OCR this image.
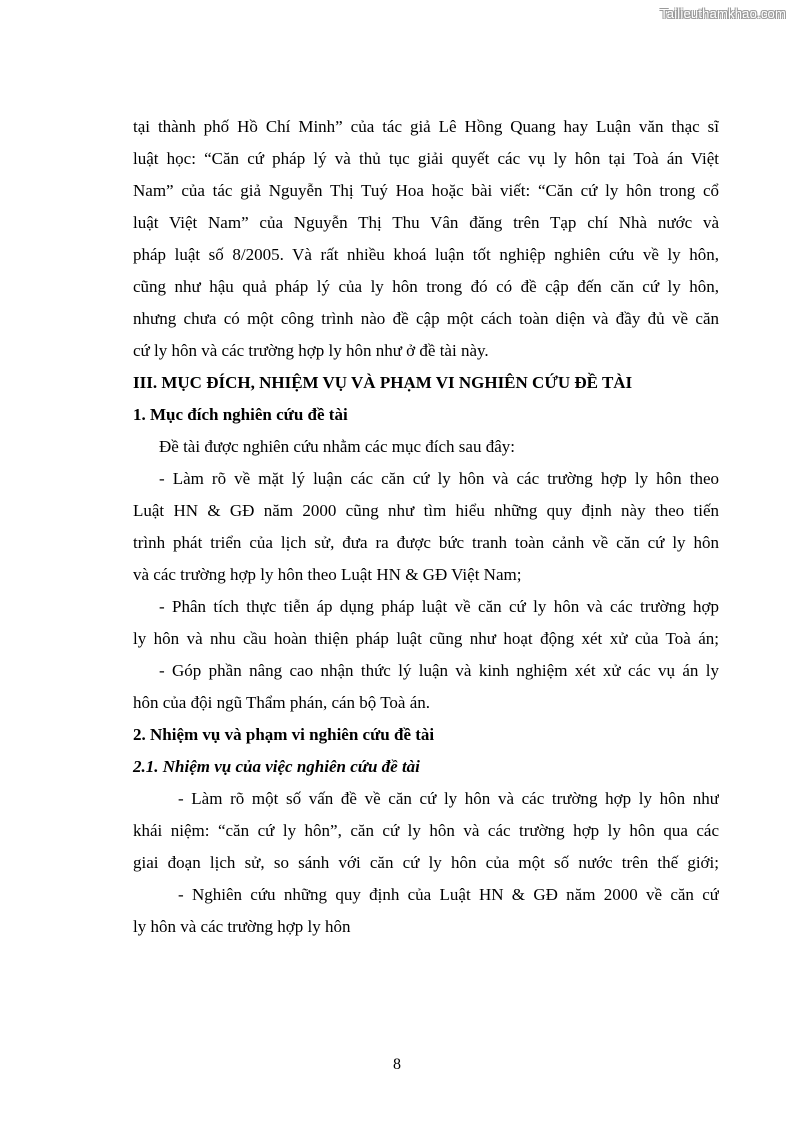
Tailieuthamkhao.com
tại thành phố Hồ Chí Minh” của tác giả Lê Hồng Quang hay Luận văn thạc sĩ
luật học: “Căn cứ pháp lý và thủ tục giải quyết các vụ ly hôn tại Toà án Việt
Nam” của tác giả Nguyễn Thị Tuý Hoa hoặc bài viết: “Căn cứ ly hôn trong cổ
luật Việt Nam” của Nguyễn Thị Thu Vân đăng trên Tạp chí Nhà nước và
pháp luật số 8/2005. Và rất nhiều khoá luận tốt nghiệp nghiên cứu về ly hôn,
cũng như hậu quả pháp lý của ly hôn trong đó có đề cập đến căn cứ ly hôn,
nhưng chưa có một công trình nào đề cập một cách toàn diện và đầy đủ về căn
cứ ly hôn và các trường hợp ly hôn như ở đề tài này.
III. MỤC ĐÍCH, NHIỆM VỤ VÀ PHẠM VI NGHIÊN CỨU ĐỀ TÀI
1. Mục đích nghiên cứu đề tài
Đề tài được nghiên cứu nhằm các mục đích sau đây:
- Làm rõ về mặt lý luận các căn cứ ly hôn và các trường hợp ly hôn theo
Luật HN & GĐ năm 2000 cũng như tìm hiểu những quy định này theo tiến
trình phát triển của lịch sử, đưa ra được bức tranh toàn cảnh về căn cứ ly hôn
và các trường hợp ly hôn theo Luật HN & GĐ Việt Nam;
- Phân tích thực tiễn áp dụng pháp luật về căn cứ ly hôn và các trường hợp
ly hôn và nhu cầu hoàn thiện pháp luật cũng như hoạt động xét xử của Toà án;
- Góp phần nâng cao nhận thức lý luận và kinh nghiệm xét xử các vụ án ly
hôn của đội ngũ Thẩm phán, cán bộ Toà án.
2. Nhiệm vụ và phạm vi nghiên cứu đề tài
2.1. Nhiệm vụ của việc nghiên cứu đề tài
- Làm rõ một số vấn đề về căn cứ ly hôn và các trường hợp ly hôn như
khái niệm: “căn cứ ly hôn”, căn cứ ly hôn và các trường hợp ly hôn qua các
giai đoạn lịch sử, so sánh với căn cứ ly hôn của một số nước trên thế giới;
- Nghiên cứu những quy định của Luật HN & GĐ năm 2000 về căn cứ
ly hôn và các trường hợp ly hôn
8
